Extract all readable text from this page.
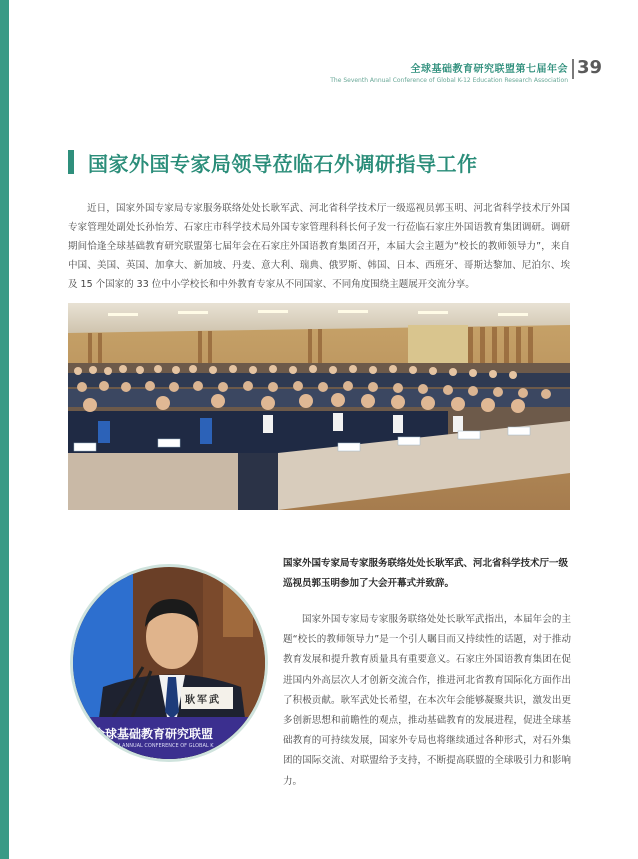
全球基础教育研究联盟第七届年会
The Seventh Annual Conference of Global K-12 Education Research Association
39
国家外国专家局领导莅临石外调研指导工作
近日，国家外国专家局专家服务联络处处长耿军武、河北省科学技术厅一级巡视员郭玉明、河北省科学技术厅外国专家管理处副处长孙怡芳、石家庄市科学技术局外国专家管理科科长何子发一行莅临石家庄外国语教育集团调研。调研期间恰逢全球基础教育研究联盟第七届年会在石家庄外国语教育集团召开，本届大会主题为“校长的教师领导力”，来自中国、美国、英国、加拿大、新加坡、丹麦、意大利、瑞典、俄罗斯、韩国、日本、西班牙、哥斯达黎加、尼泊尔、埃及 15 个国家的 33 位中小学校长和中外教育专家从不同国家、不同角度围绕主题展开交流分享。
耿军武
全球基础教育研究联盟
SEVENTH ANNUAL CONFERENCE OF GLOBAL K
国家外国专家局专家服务联络处处长耿军武、河北省科学技术厅一级巡视员郭玉明参加了大会开幕式并致辞。
国家外国专家局专家服务联络处处长耿军武指出，本届年会的主题“校长的教师领导力”是一个引人瞩目而又持续性的话题，对于推动教育发展和提升教育质量具有重要意义。石家庄外国语教育集团在促进国内外高层次人才创新交流合作，推进河北省教育国际化方面作出了积极贡献。耿军武处长希望，在本次年会能够凝聚共识，激发出更多创新思想和前瞻性的观点，推动基础教育的发展进程，促进全球基础教育的可持续发展，国家外专局也将继续通过各种形式，对石外集团的国际交流、对联盟给予支持，不断提高联盟的全球吸引力和影响力。
